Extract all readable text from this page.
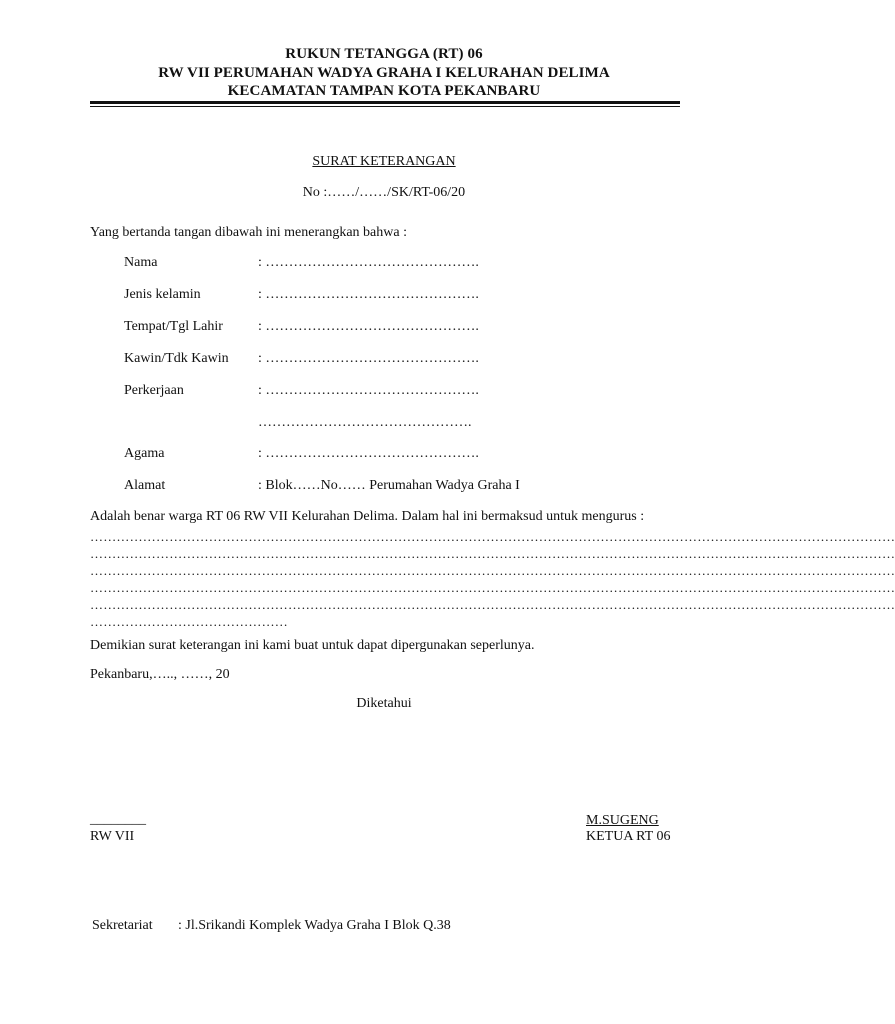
RUKUN TETANGGA (RT) 06
RW VII PERUMAHAN WADYA GRAHA I KELURAHAN DELIMA
KECAMATAN TAMPAN KOTA PEKANBARU
SURAT KETERANGAN
No :……/……/SK/RT-06/20
Yang bertanda tangan dibawah ini menerangkan bahwa :
Nama	: ……………………………………….
Jenis kelamin	: ……………………………………….
Tempat/Tgl Lahir	: ……………………………………….
Kawin/Tdk Kawin : ……………………………………….
Perkerjaan	: ……………………………………….
……………………………………….
Agama	: ……………………………………….
Alamat	: Blok……No…… Perumahan Wadya Graha I
Adalah benar warga RT 06 RW VII Kelurahan Delima. Dalam hal ini bermaksud untuk mengurus :
…………………………………………………………………………………………………………………………………………………………………
…………………………………………………………………………………………………………………………………………………………………
…………………………………………………………………………………………………………………………………………………………………
…………………………………………………………………………………………………………………………………………………………………
…………………………………………………………………………………………………………………………………………………………………
………………………………………
Demikian surat keterangan ini kami buat untuk dapat dipergunakan seperlunya.
Pekanbaru,….., ……, 20
Diketahui
________
RW VII
M.SUGENG
KETUA RT 06
Sekretariat : Jl.Srikandi Komplek Wadya Graha I Blok Q.38
